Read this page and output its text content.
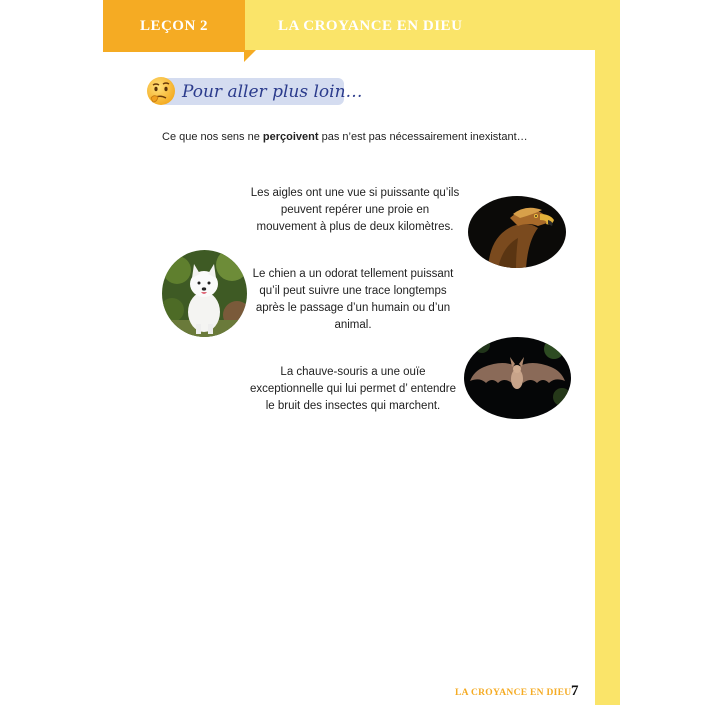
LEÇON 2	LA CROYANCE EN DIEU
Pour aller plus loin…
Ce que nos sens ne perçoivent pas n’est pas nécessairement inexistant…
Les aigles ont une vue si puissante qu’ils peuvent repérer une proie en mouvement à plus de deux kilomètres.
Le chien a un odorat tellement puissant qu’il peut suivre une trace longtemps après le passage d’un humain ou d’un animal.
La chauve-souris a une ouïe exceptionnelle qui lui permet d’ entendre le bruit des insectes qui marchent.
LA CROYANCE EN DIEU 7
